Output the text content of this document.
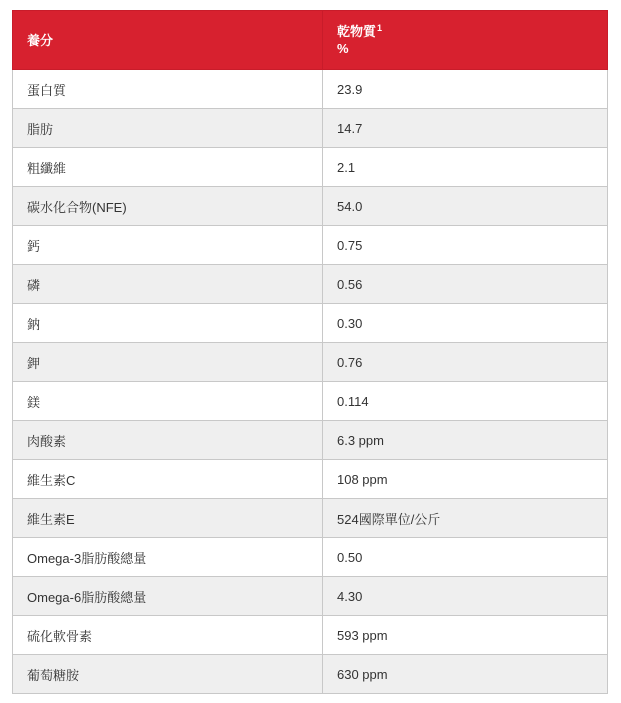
養分	乾物質$^1$
%
蛋白質	23.9
脂肪	14.7
粗纖維	2.1
碳水化合物(NFE)	54.0
鈣	0.75
磷	0.56
鈉	0.30
鉀	0.76
鎂	0.114
肉酸素	6.3 ppm
維生素C	108 ppm
維生素E	524國際單位/公斤
Omega-3脂肪酸總量	0.50
Omega-6脂肪酸總量	4.30
硫化軟骨素	593 ppm
葡萄糖胺	630 ppm
